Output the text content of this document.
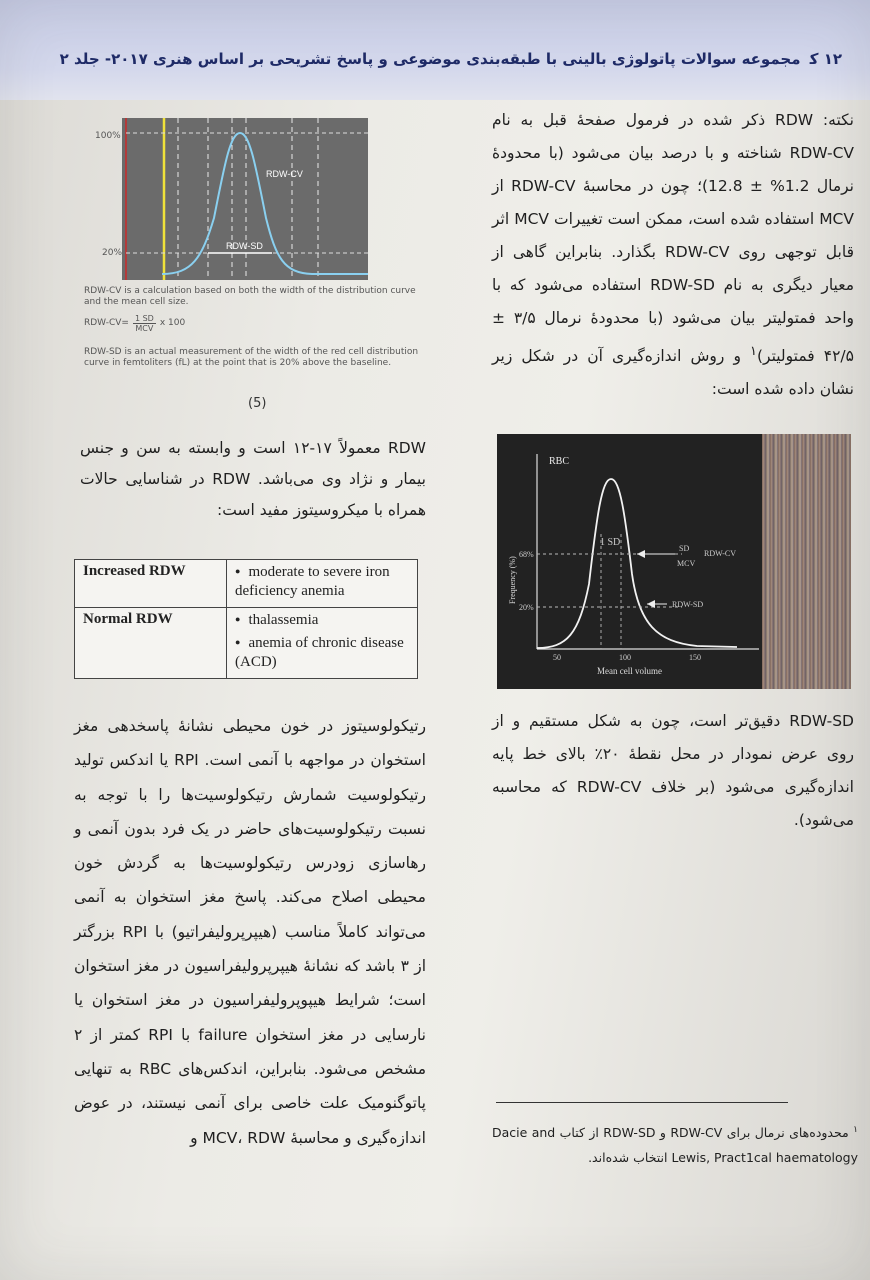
۱۲ ﮐ مجموعه سوالات پاتولوژی بالینی با طبقه‌بندی موضوعی و پاسخ تشریحی بر اساس هنری ۲۰۱۷- جلد ۲
نکته: RDW ذکر شده در فرمول صفحهٔ قبل به نام RDW-CV شناخته و با درصد بیان می‌شود (با محدودهٔ نرمال 1.2% ± 12.8)؛ چون در محاسبهٔ RDW-CV از MCV استفاده شده است، ممکن است تغییرات MCV اثر قابل توجهی روی RDW-CV بگذارد. بنابراین گاهی از معیار دیگری به نام RDW-SD استفاده می‌شود که با واحد فمتولیتر بیان می‌شود (با محدودهٔ نرمال ۳/۵ ± ۴۲/۵ فمتولیتر)$^۱$ و روش اندازه‌گیری آن در شکل زیر نشان داده شده است:
RBC
Frequency (%)
1 SD
SD
MCV
RDW-CV
RDW-SD
68%
20%
50	100	150
Mean cell volume
RDW-SD دقیق‌تر است، چون به شکل مستقیم و از روی عرض نمودار در محل نقطهٔ ۲۰٪ بالای خط پایه اندازه‌گیری می‌شود (بر خلاف RDW-CV که محاسبه می‌شود).
$^۱$ محدوده‌های نرمال برای RDW-CV و RDW-SD از کتاب Dacie and Lewis, Pract1cal haematology انتخاب شده‌اند.
RDW-CV
RDW-SD
100%
20%

RDW-CV is a calculation based on both the width of the distribution curve and the mean cell size.

$RDW-CV= \frac{1 SD}{\text{MCV}}$ x 100

RDW-SD is an actual measurement of the width of the red cell distribution curve in femtoliters (fL) at the point that is 20% above the baseline.

(5)
RDW معمولاً ۱۷-۱۲ است و وابسته به سن و جنس بیمار و نژاد وی می‌باشد. RDW در شناسایی حالات همراه با میکروسیتوز مفید است:
Increased RDW	● moderate to severe iron deficiency anemia

Normal RDW	● thalassemia
● anemia of chronic disease (ACD)
رتیکولوسیتوز در خون محیطی نشانهٔ پاسخدهی مغز استخوان در مواجهه با آنمی است. RPI یا اندکس تولید رتیکولوسیت شمارش رتیکولوسیت‌ها را با توجه به نسبت رتیکولوسیت‌های حاضر در یک فرد بدون آنمی و رهاسازی زودرس رتیکولوسیت‌ها به گردش خون محیطی اصلاح می‌کند. پاسخ مغز استخوان به آنمی می‌تواند کاملاً مناسب (هیپرپرولیفراتیو) با RPI بزرگتر از ۳ باشد که نشانهٔ هیپرپرولیفراسیون در مغز استخوان است؛ شرایط هیپوپرولیفراسیون در مغز استخوان یا نارسایی در مغز استخوان failure با RPI کمتر از ۲ مشخص می‌شود. بنابراین، اندکس‌های RBC به تنهایی پاتوگنومیک علت خاصی برای آنمی نیستند، در عوض اندازه‌گیری و محاسبهٔ MCV، RDW و
